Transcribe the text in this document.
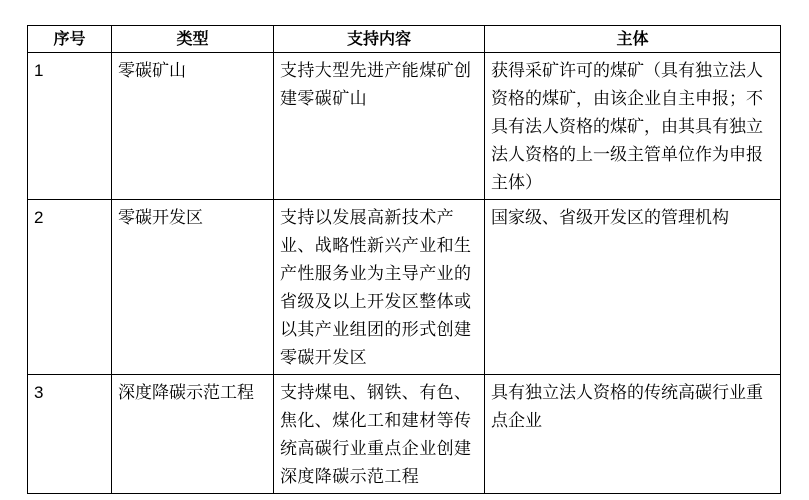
序号	类型	支持内容	主体
1	零碳矿山	支持大型先进产能煤矿创建零碳矿山	获得采矿许可的煤矿（具有独立法人资格的煤矿，由该企业自主申报；不具有法人资格的煤矿，由其具有独立法人资格的上一级主管单位作为申报主体）
2	零碳开发区	支持以发展高新技术产业、战略性新兴产业和生产性服务业为主导产业的省级及以上开发区整体或以其产业组团的形式创建零碳开发区	国家级、省级开发区的管理机构
3	深度降碳示范工程	支持煤电、钢铁、有色、焦化、煤化工和建材等传统高碳行业重点企业创建深度降碳示范工程	具有独立法人资格的传统高碳行业重点企业
